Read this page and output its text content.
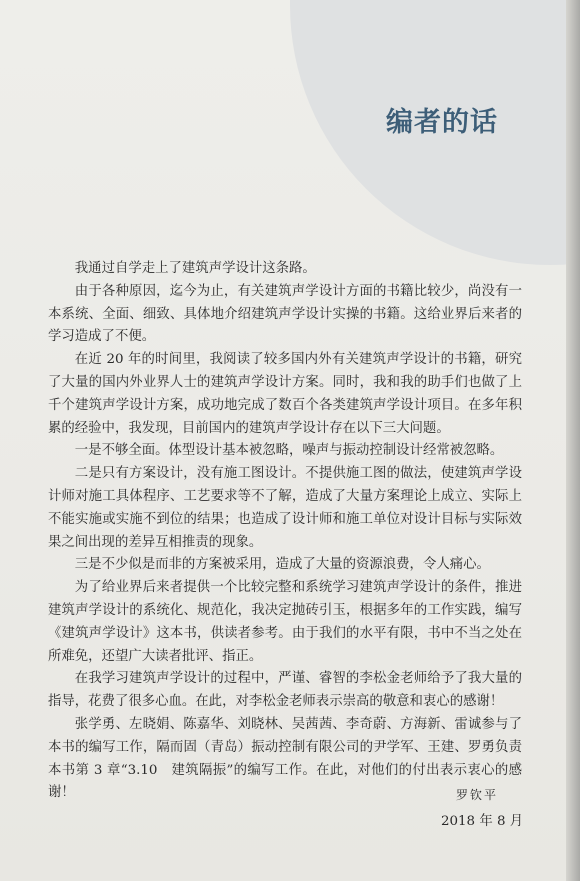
编者的话

我通过自学走上了建筑声学设计这条路。

由于各种原因，迄今为止，有关建筑声学设计方面的书籍比较少，尚没有一本系统、全面、细致、具体地介绍建筑声学设计实操的书籍。这给业界后来者的学习造成了不便。

在近 20 年的时间里，我阅读了较多国内外有关建筑声学设计的书籍，研究了大量的国内外业界人士的建筑声学设计方案。同时，我和我的助手们也做了上千个建筑声学设计方案，成功地完成了数百个各类建筑声学设计项目。在多年积累的经验中，我发现，目前国内的建筑声学设计存在以下三大问题。

一是不够全面。体型设计基本被忽略，噪声与振动控制设计经常被忽略。

二是只有方案设计，没有施工图设计。不提供施工图的做法，使建筑声学设计师对施工具体程序、工艺要求等不了解，造成了大量方案理论上成立、实际上不能实施或实施不到位的结果；也造成了设计师和施工单位对设计目标与实际效果之间出现的差异互相推责的现象。

三是不少似是而非的方案被采用，造成了大量的资源浪费，令人痛心。

为了给业界后来者提供一个比较完整和系统学习建筑声学设计的条件，推进建筑声学设计的系统化、规范化，我决定抛砖引玉，根据多年的工作实践，编写《建筑声学设计》这本书，供读者参考。由于我们的水平有限，书中不当之处在所难免，还望广大读者批评、指正。

在我学习建筑声学设计的过程中，严谨、睿智的李松金老师给予了我大量的指导，花费了很多心血。在此，对李松金老师表示崇高的敬意和衷心的感谢！

张学勇、左晓娟、陈嘉华、刘晓林、吴茜茜、李奇蔚、方海新、雷诚参与了本书的编写工作，隔而固（青岛）振动控制有限公司的尹学军、王建、罗勇负责本书第 3 章“3.10　建筑隔振”的编写工作。在此，对他们的付出表示衷心的感谢！	罗钦平
2018 年 8 月
